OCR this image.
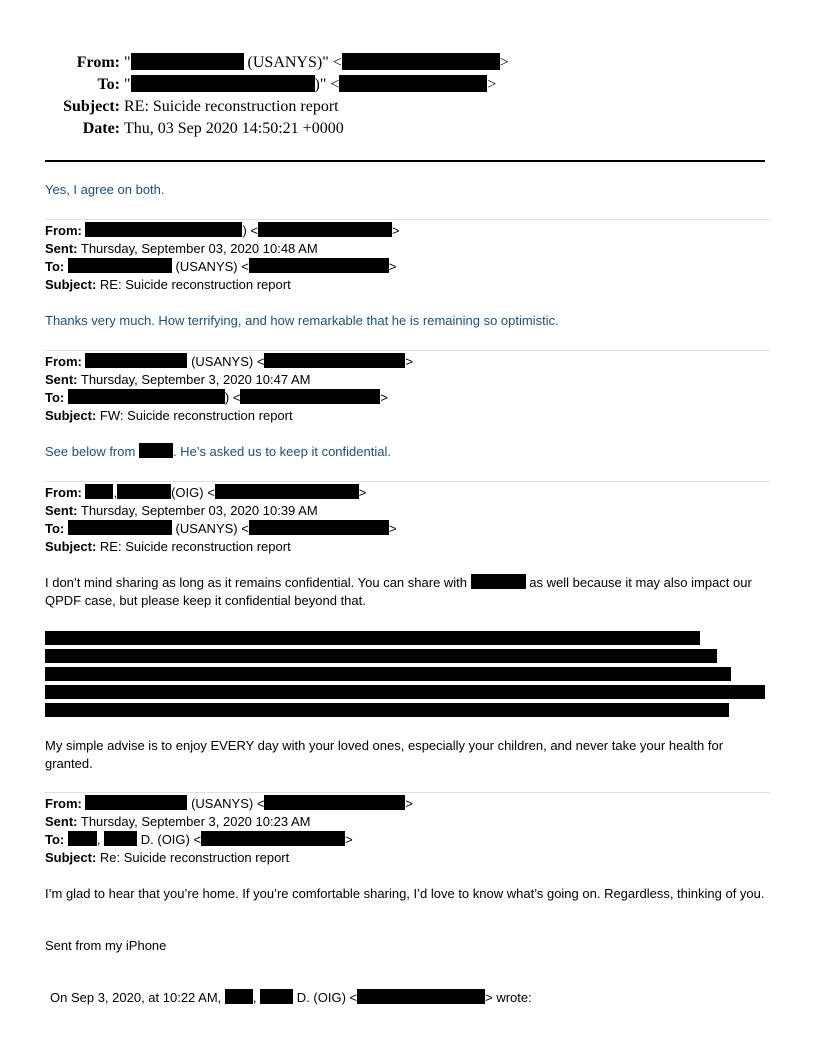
From: "	(USANYS)" <	>
To: "	)" <	>
Subject: RE: Suicide reconstruction report
Date: Thu, 03 Sep 2020 14:50:21 +0000
Yes, I agree on both.
From:	) <	>
Sent: Thursday, September 03, 2020 10:48 AM
To:	(USANYS) <	>
Subject: RE: Suicide reconstruction report
Thanks very much. How terrifying, and how remarkable that he is remaining so optimistic.
From:	(USANYS) <	>
Sent: Thursday, September 3, 2020 10:47 AM
To:	) <	>
Subject: FW: Suicide reconstruction report
See below from	. He’s asked us to keep it confidential.
From: ,	(OIG) <	>
Sent: Thursday, September 03, 2020 10:39 AM
To:	(USANYS) <	>
Subject: RE: Suicide reconstruction report
I don’t mind sharing as long as it remains confidential. You can share with	as well because it may also impact our QPDF case, but please keep it confidential beyond that.
My simple advise is to enjoy EVERY day with your loved ones, especially your children, and never take your health for granted.
From:	(USANYS) <	>
Sent: Thursday, September 3, 2020 10:23 AM
To:	,	D. (OIG) <	>
Subject: Re: Suicide reconstruction report
I’m glad to hear that you’re home. If you’re comfortable sharing, I’d love to know what’s going on. Regardless, thinking of you.
Sent from my iPhone
On Sep 3, 2020, at 10:22 AM, ,	D. (OIG) <	> wrote:
